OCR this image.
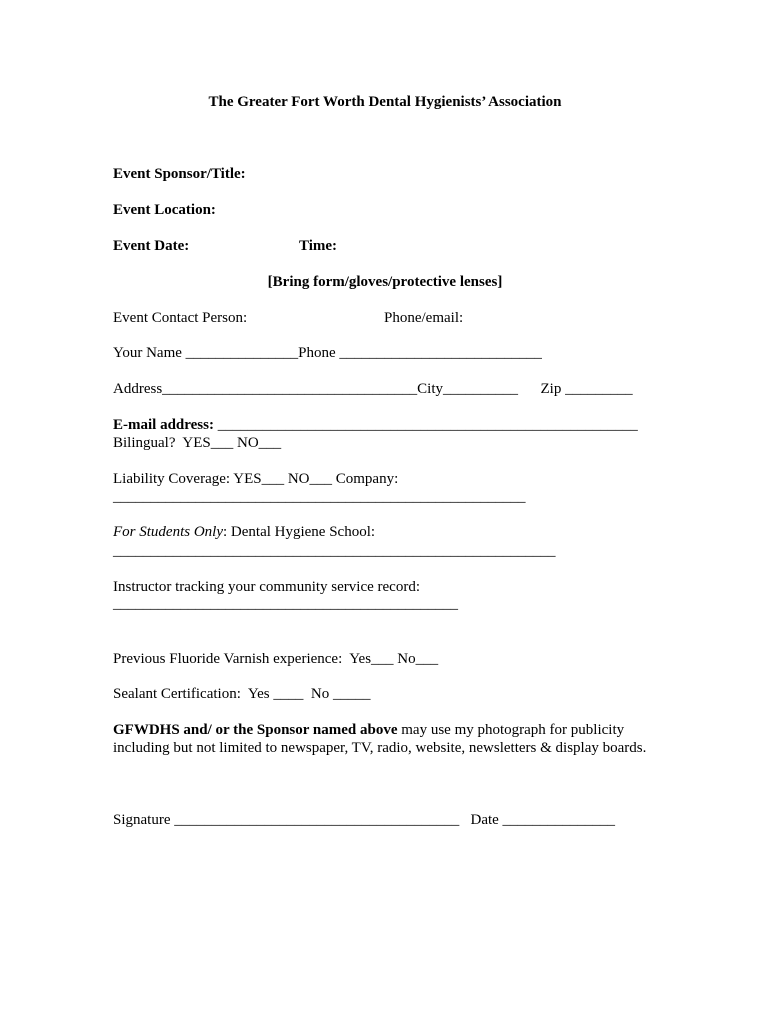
The Greater Fort Worth Dental Hygienists’ Association
Event Sponsor/Title:
Event Location:
Event Date:	Time:
[Bring form/gloves/protective lenses]
Event Contact Person:	Phone/email:
Your Name _______________Phone ___________________________
Address__________________________________City__________      Zip _________
E-mail address: ________________________________________________________
Bilingual?  YES___ NO___
Liability Coverage: YES___ NO___ Company:
_______________________________________________________
For Students Only: Dental Hygiene School:
___________________________________________________________
Instructor tracking your community service record:
______________________________________________
Previous Fluoride Varnish experience:  Yes___ No___
Sealant Certification:  Yes ____  No _____
GFWDHS and/ or the Sponsor named above may use my photograph for publicity
including but not limited to newspaper, TV, radio, website, newsletters & display boards.
Signature ______________________________________   Date _______________
